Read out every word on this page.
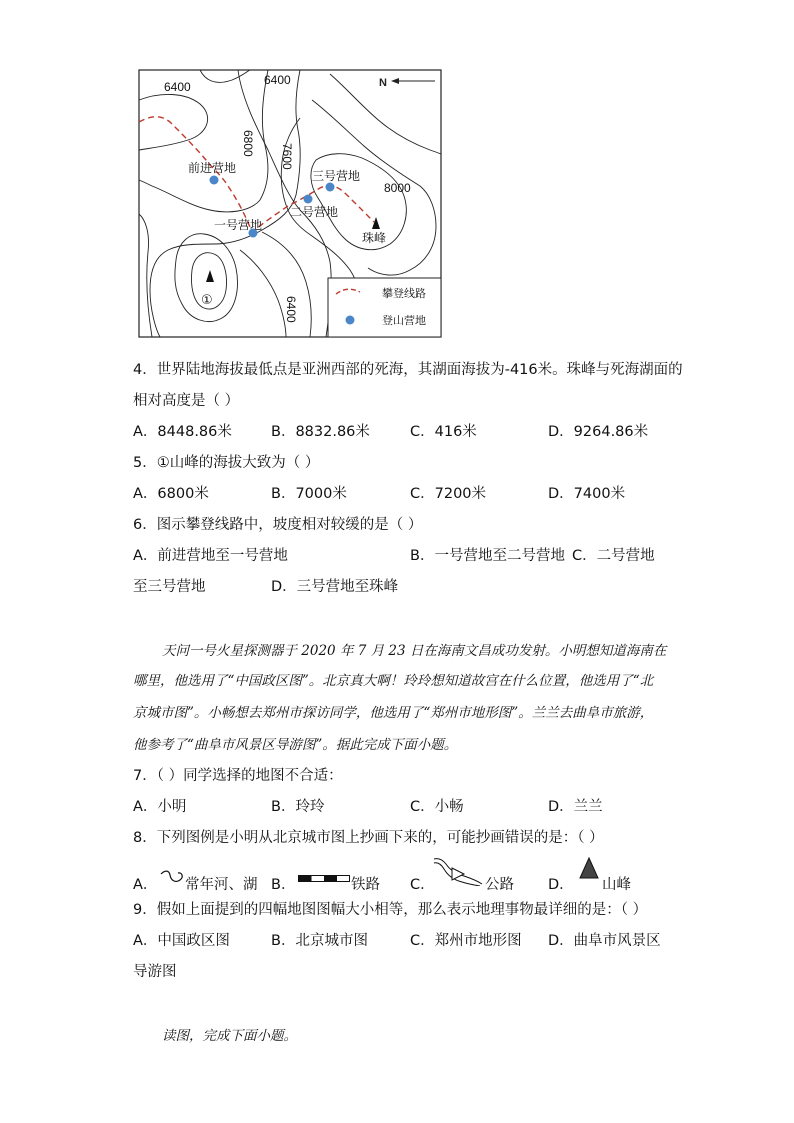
N
6400	6400
6800 7600
8000
6400
前进营地
一号营地
二号营地
三号营地
珠峰
①	攀登线路
登山营地
4．世界陆地海拔最低点是亚洲西部的死海，其湖面海拔为-416米。珠峰与死海湖面的
相对高度是（ ）
A．8448.86米	B．8832.86米	C．416米	D．9264.86米
5．①山峰的海拔大致为（ ）
A．6800米	B．7000米	C．7200米	D．7400米
6．图示攀登线路中，坡度相对较缓的是（ ）
A．前进营地至一号营地	B．一号营地至二号营地 C．二号营地
至三号营地	D．三号营地至珠峰
天问一号火星探测器于 2020 年 7 月 23 日在海南文昌成功发射。小明想知道海南在
哪里，他选用了“中国政区图”。北京真大啊！玲玲想知道故宫在什么位置，他选用了“北
京城市图”。小畅想去郑州市探访同学，他选用了“郑州市地形图”。兰兰去曲阜市旅游，
他参考了“曲阜市风景区导游图”。据此完成下面小题。
7．（ ）同学选择的地图不合适：
A．小明	B．玲玲	C．小畅	D．兰兰
8．下列图例是小明从北京城市图上抄画下来的，可能抄画错误的是：（ ）
A． 常年河、湖 B．	铁路 C．	公路 D． 山峰
9．假如上面提到的四幅地图图幅大小相等，那么表示地理事物最详细的是：（ ）
A．中国政区图	B．北京城市图	C．郑州市地形图 D．曲阜市风景区
导游图
读图，完成下面小题。
